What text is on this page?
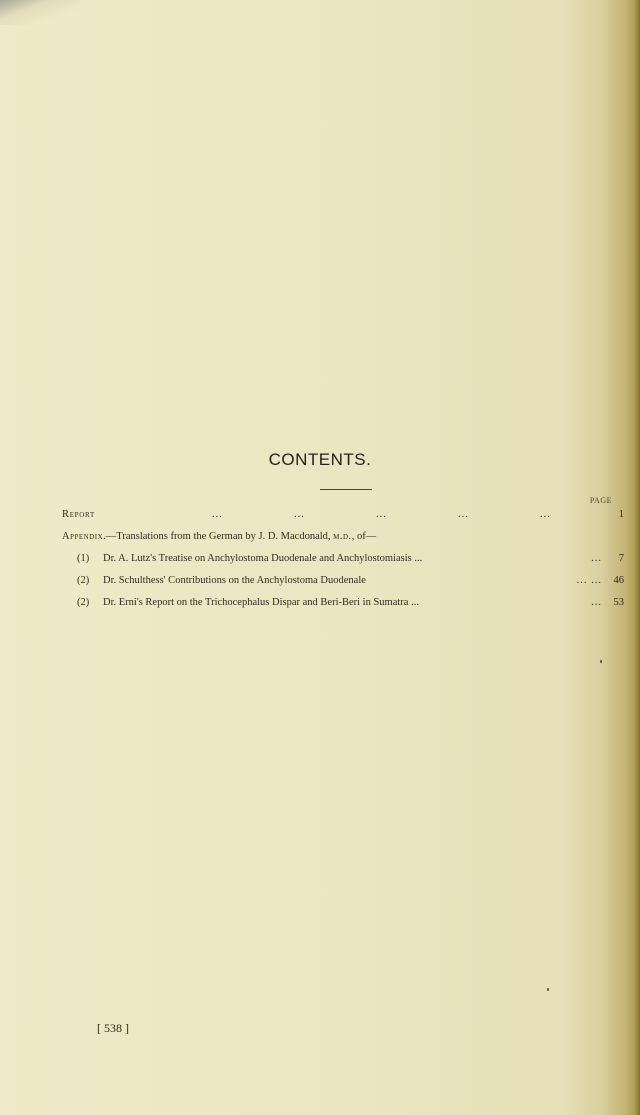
CONTENTS.
PAGE
Report	...	...	...	...	...	1
Appendix.—Translations from the German by J. D. Macdonald, m.d., of—
(1) Dr. A. Lutz's Treatise on Anchylostoma Duodenale and Anchylostomiasis ...	...	7
(2) Dr. Schulthess' Contributions on the Anchylostoma Duodenale	... ...	46
(2) Dr. Erni's Report on the Trichocephalus Dispar and Beri-Beri in Sumatra ...	...	53
[ 538 ]
